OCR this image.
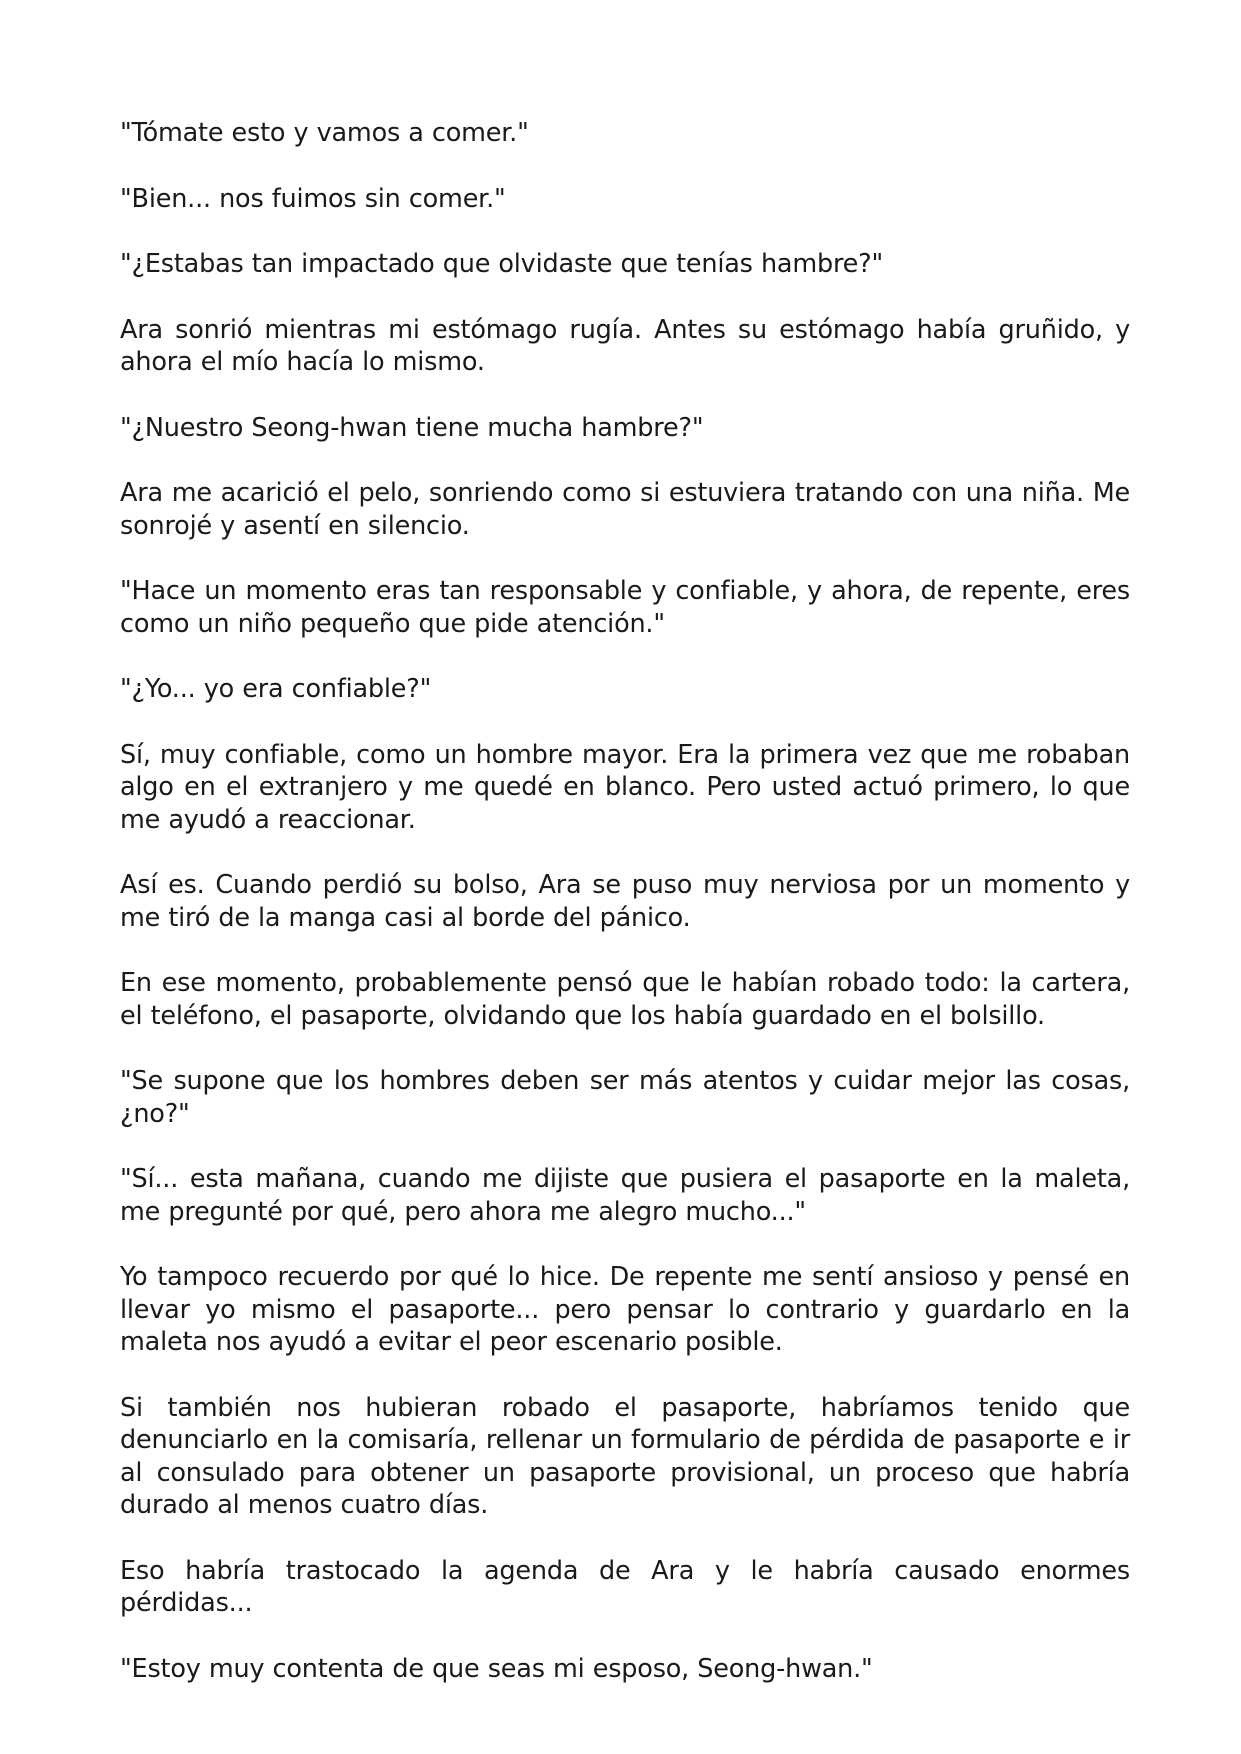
"Tómate esto y vamos a comer."

"Bien... nos fuimos sin comer."

"¿Estabas tan impactado que olvidaste que tenías hambre?"

Ara sonrió mientras mi estómago rugía. Antes su estómago había gruñido, y ahora el mío hacía lo mismo.

"¿Nuestro Seong-hwan tiene mucha hambre?"

Ara me acarició el pelo, sonriendo como si estuviera tratando con una niña. Me sonrojé y asentí en silencio.

"Hace un momento eras tan responsable y confiable, y ahora, de repente, eres como un niño pequeño que pide atención."

"¿Yo... yo era confiable?"

Sí, muy confiable, como un hombre mayor. Era la primera vez que me robaban algo en el extranjero y me quedé en blanco. Pero usted actuó primero, lo que me ayudó a reaccionar.

Así es. Cuando perdió su bolso, Ara se puso muy nerviosa por un momento y me tiró de la manga casi al borde del pánico.

En ese momento, probablemente pensó que le habían robado todo: la cartera, el teléfono, el pasaporte, olvidando que los había guardado en el bolsillo.

"Se supone que los hombres deben ser más atentos y cuidar mejor las cosas, ¿no?"

"Sí... esta mañana, cuando me dijiste que pusiera el pasaporte en la maleta, me pregunté por qué, pero ahora me alegro mucho..."

Yo tampoco recuerdo por qué lo hice. De repente me sentí ansioso y pensé en llevar yo mismo el pasaporte... pero pensar lo contrario y guardarlo en la maleta nos ayudó a evitar el peor escenario posible.

Si también nos hubieran robado el pasaporte, habríamos tenido que denunciarlo en la comisaría, rellenar un formulario de pérdida de pasaporte e ir al consulado para obtener un pasaporte provisional, un proceso que habría durado al menos cuatro días.

Eso habría trastocado la agenda de Ara y le habría causado enormes pérdidas...

"Estoy muy contenta de que seas mi esposo, Seong-hwan."
